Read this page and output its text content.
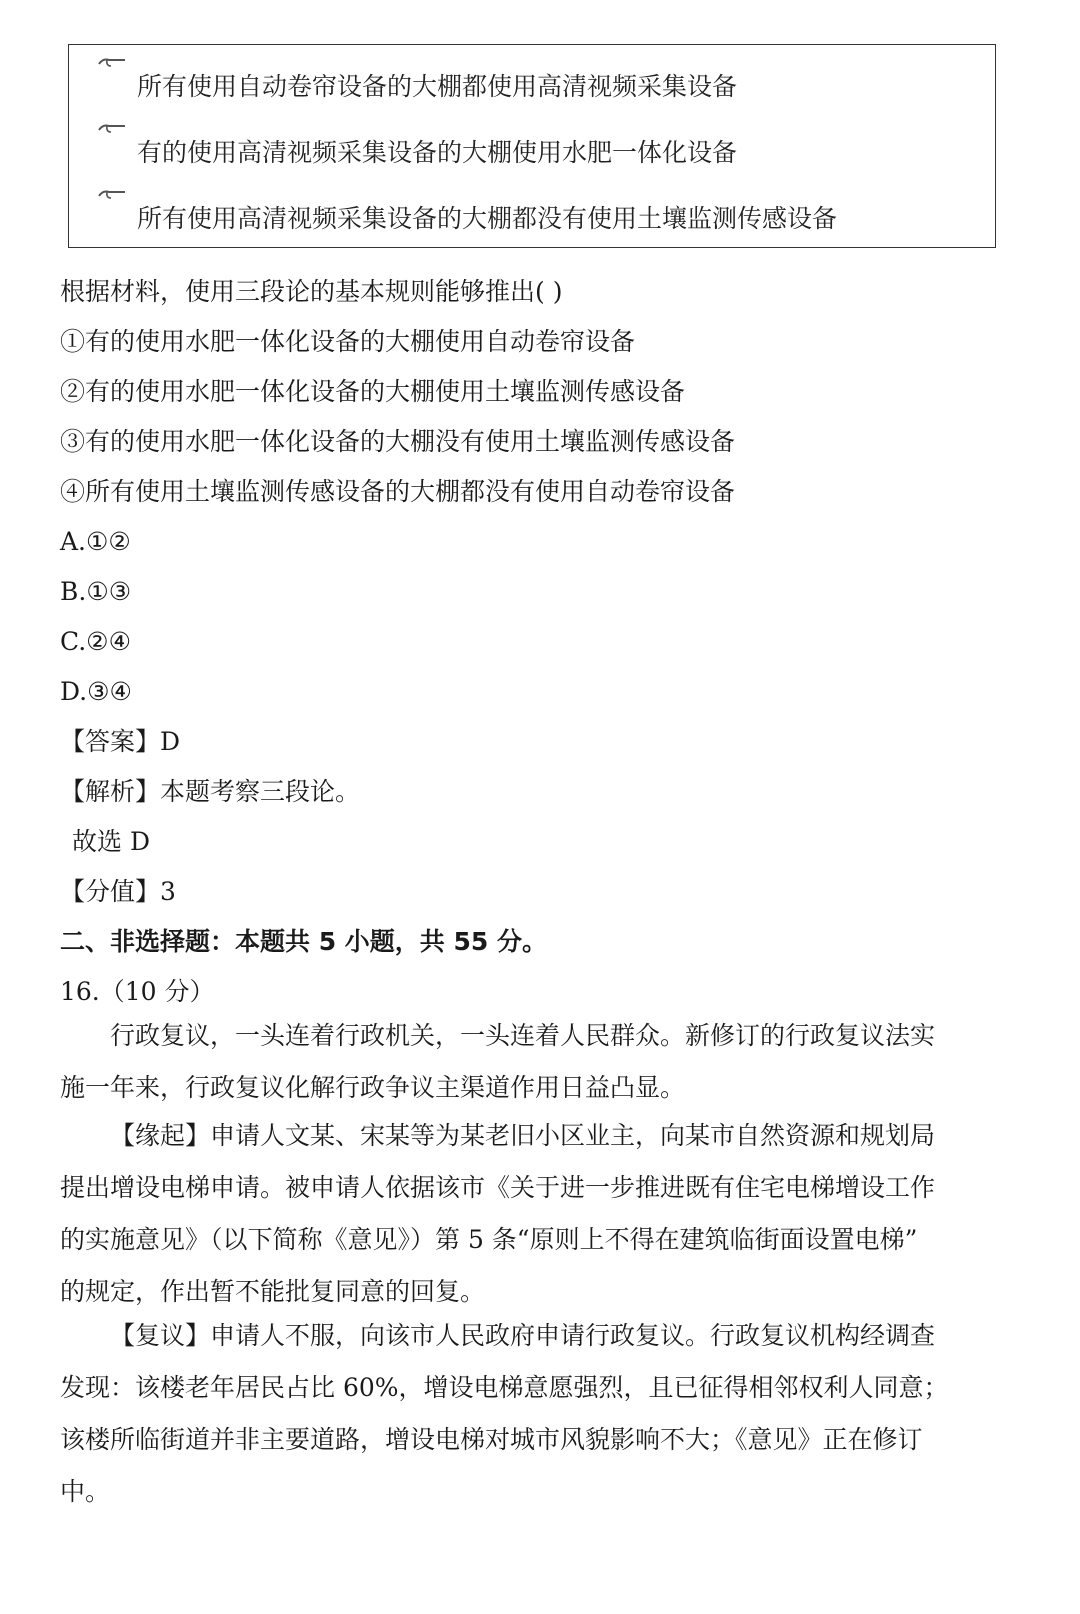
所有使用自动卷帘设备的大棚都使用高清视频采集设备
有的使用高清视频采集设备的大棚使用水肥一体化设备
所有使用高清视频采集设备的大棚都没有使用土壤监测传感设备
根据材料，使用三段论的基本规则能够推出( )
①有的使用水肥一体化设备的大棚使用自动卷帘设备
②有的使用水肥一体化设备的大棚使用土壤监测传感设备
③有的使用水肥一体化设备的大棚没有使用土壤监测传感设备
④所有使用土壤监测传感设备的大棚都没有使用自动卷帘设备
A.①②
B.①③
C.②④
D.③④
【答案】D
【解析】本题考察三段论。
故选 D
【分值】3
二、非选择题：本题共 5 小题，共 55 分。
16.（10 分）
行政复议，一头连着行政机关，一头连着人民群众。新修订的行政复议法实
施一年来，行政复议化解行政争议主渠道作用日益凸显。
【缘起】申请人文某、宋某等为某老旧小区业主，向某市自然资源和规划局
提出增设电梯申请。被申请人依据该市《关于进一步推进既有住宅电梯增设工作
的实施意见》（以下简称《意见》）第 5 条“原则上不得在建筑临街面设置电梯”
的规定，作出暂不能批复同意的回复。
【复议】申请人不服，向该市人民政府申请行政复议。行政复议机构经调查
发现：该楼老年居民占比 60%，增设电梯意愿强烈，且已征得相邻权利人同意；
该楼所临街道并非主要道路，增设电梯对城市风貌影响不大；《意见》正在修订
中。
